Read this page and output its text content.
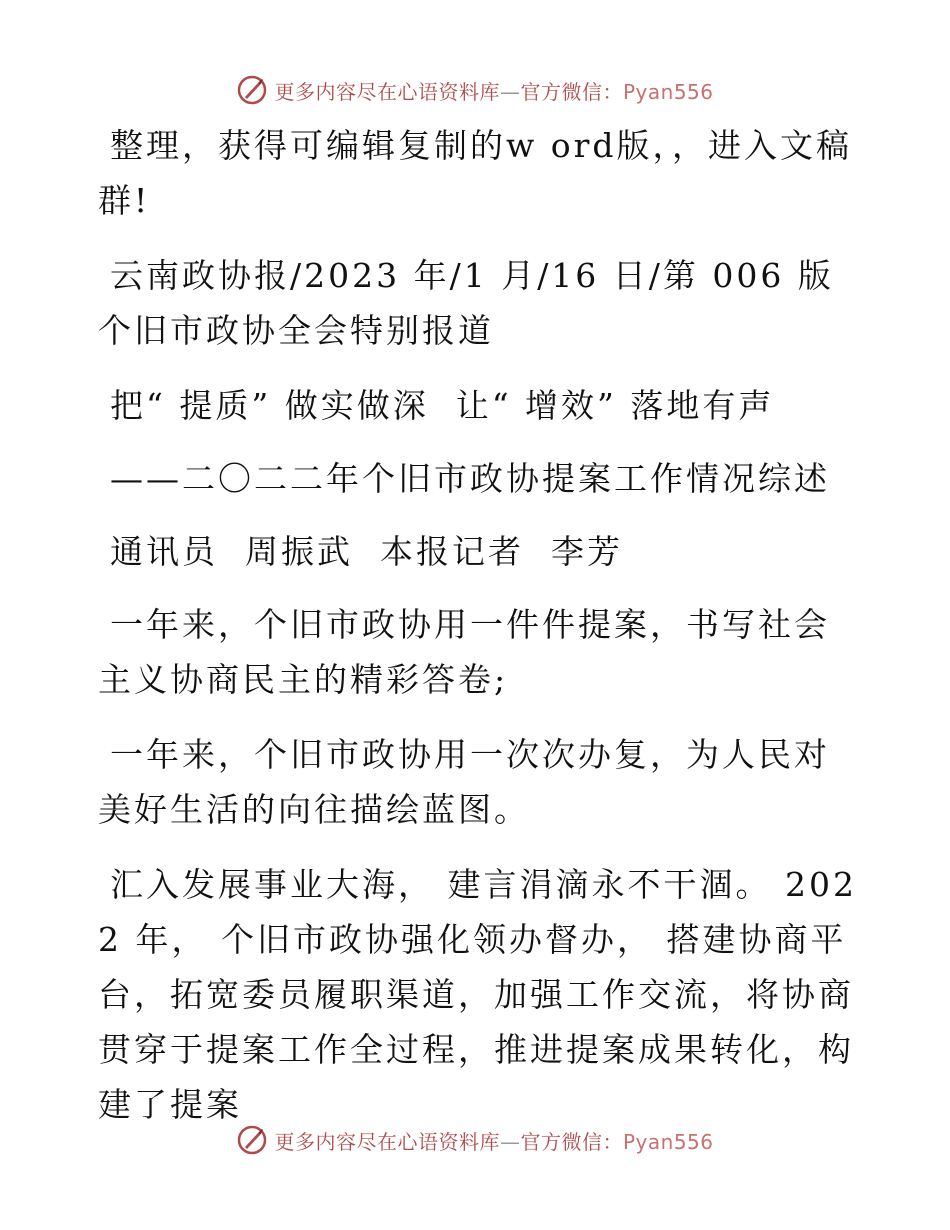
更多内容尽在心语资料库—官方微信：Pyan556

整理，获得可编辑复制的w ord版，，进入文稿群!

云南政协报/2023 年/1 月/16 日/第 006 版个旧市政协全会特别报道

把“ 提质” 做实做深  让“ 增效” 落地有声

——二〇二二年个旧市政协提案工作情况综述

通讯员  周振武  本报记者  李芳

一年来，个旧市政协用一件件提案，书写社会主义协商民主的精彩答卷;

一年来，个旧市政协用一次次办复，为人民对美好生活的向往描绘蓝图。

汇入发展事业大海， 建言涓滴永不干涸。 2022 年， 个旧市政协强化领办督办， 搭建协商平台，拓宽委员履职渠道，加强工作交流，将协商贯穿于提案工作全过程，推进提案成果转化，构建了提案

更多内容尽在心语资料库—官方微信：Pyan556
